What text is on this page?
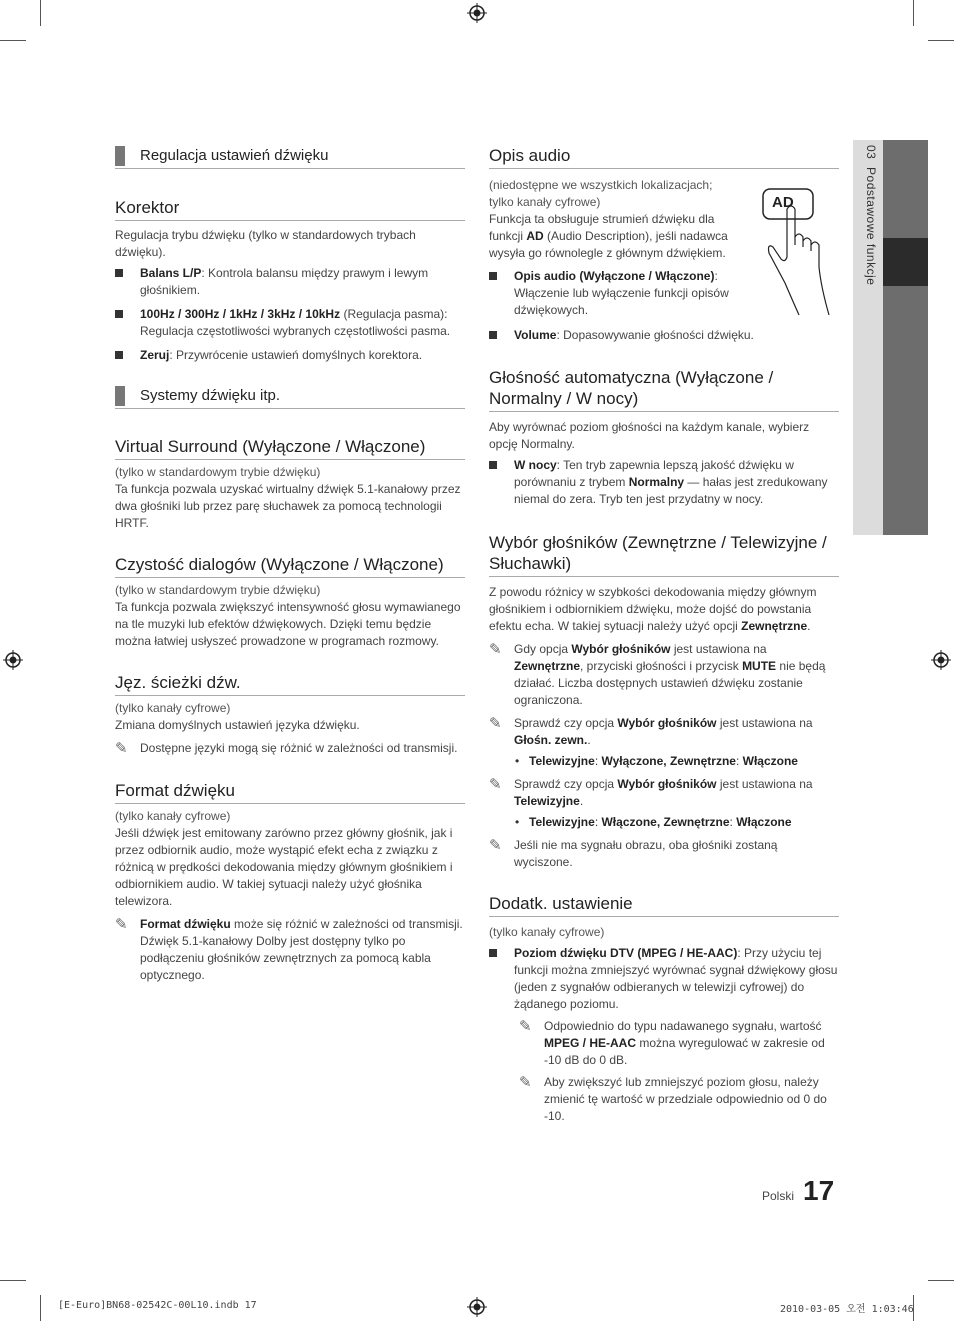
03  Podstawowe funkcje
Regulacja ustawień dźwięku
Korektor

Regulacja trybu dźwięku (tylko w standardowych trybach dźwięku).

Balans L/P: Kontrola balansu między prawym i lewym głośnikiem.
100Hz / 300Hz / 1kHz / 3kHz / 10kHz (Regulacja pasma): Regulacja częstotliwości wybranych częstotliwości pasma.
Zeruj: Przywrócenie ustawień domyślnych korektora.
Systemy dźwięku itp.
Virtual Surround (Wyłączone / Włączone)
(tylko w standardowym trybie dźwięku)

Ta funkcja pozwala uzyskać wirtualny dźwięk 5.1-kanałowy przez dwa głośniki lub przez parę słuchawek za pomocą technologii HRTF.

Czystość dialogów (Wyłączone / Włączone)
(tylko w standardowym trybie dźwięku)

Ta funkcja pozwala zwiększyć intensywność głosu wymawianego na tle muzyki lub efektów dźwiękowych. Dzięki temu będzie można łatwiej usłyszeć prowadzone w programach rozmowy.

Jęz. ścieżki dźw.
(tylko kanały cyfrowe)

Zmiana domyślnych ustawień języka dźwięku.

✎ Dostępne języki mogą się różnić w zależności od transmisji.
Format dźwięku
(tylko kanały cyfrowe)

Jeśli dźwięk jest emitowany zarówno przez główny głośnik, jak i przez odbiornik audio, może wystąpić efekt echa z związku z różnicą w prędkości dekodowania między głównym głośnikiem i odbiornikiem audio. W takiej sytuacji należy użyć głośnika telewizora.

✎ Format dźwięku może się różnić w zależności od transmisji. Dźwięk 5.1-kanałowy Dolby jest dostępny tylko po podłączeniu głośników zewnętrznych za pomocą kabla optycznego.
Opis audio
(niedostępne we wszystkich lokalizacjach; tylko kanały cyfrowe)

Funkcja ta obsługuje strumień dźwięku dla funkcji AD (Audio Description), jeśli nadawca wysyła go równolegle z głównym dźwiękiem.

AD
Opis audio (Wyłączone / Włączone): Włączenie lub wyłączenie funkcji opisów dźwiękowych.
Volume: Dopasowywanie głośności dźwięku.
Głośność automatyczna (Wyłączone / Normalny / W nocy)

Aby wyrównać poziom głośności na każdym kanale, wybierz opcję Normalny.

W nocy: Ten tryb zapewnia lepszą jakość dźwięku w porównaniu z trybem Normalny — hałas jest zredukowany niemal do zera. Tryb ten jest przydatny w nocy.
Wybór głośników (Zewnętrzne / Telewizyjne / Słuchawki)

Z powodu różnicy w szybkości dekodowania między głównym głośnikiem i odbiornikiem dźwięku, może dojść do powstania efektu echa. W takiej sytuacji należy użyć opcji Zewnętrzne.

✎ Gdy opcja Wybór głośników jest ustawiona na Zewnętrzne, przyciski głośności i przycisk MUTE nie będą działać. Liczba dostępnych ustawień dźwięku zostanie ograniczona.
✎ Sprawdź czy opcja Wybór głośników jest ustawiona na Głośn. zewn..
• Telewizyjne: Wyłączone, Zewnętrzne: Włączone
✎ Sprawdź czy opcja Wybór głośników jest ustawiona na Telewizyjne.
• Telewizyjne: Włączone, Zewnętrzne: Włączone
✎ Jeśli nie ma sygnału obrazu, oba głośniki zostaną wyciszone.
Dodatk. ustawienie
(tylko kanały cyfrowe)
Poziom dźwięku DTV (MPEG / HE-AAC): Przy użyciu tej funkcji można zmniejszyć wyrównać sygnał dźwiękowy głosu (jeden z sygnałów odbieranych w telewizji cyfrowej) do żądanego poziomu.
✎ Odpowiednio do typu nadawanego sygnału, wartość MPEG / HE-AAC można wyregulować w zakresie od -10 dB do 0 dB.
✎ Aby zwiększyć lub zmniejszyć poziom głosu, należy zmienić tę wartość w przedziale odpowiednio od 0 do -10.
Polski 17
[E-Euro]BN68-02542C-00L10.indb 17	2010-03-05 오전 1:03:46
